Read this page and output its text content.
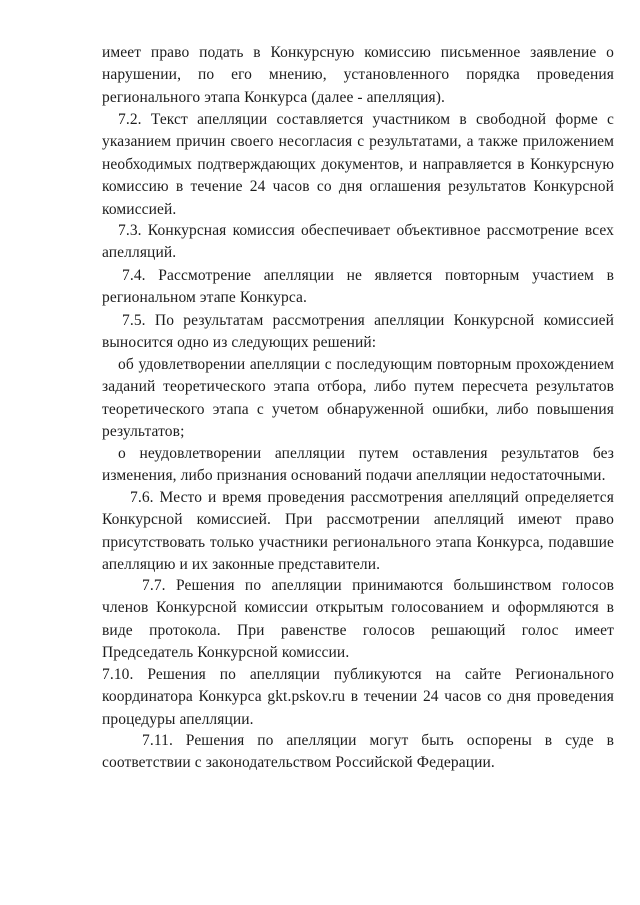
имеет право подать в Конкурсную комиссию письменное заявление о нарушении, по его мнению, установленного порядка проведения регионального этапа Конкурса (далее - апелляция).

7.2. Текст апелляции составляется участником в свободной форме с указанием причин своего несогласия с результатами, а также приложением необходимых подтверждающих документов, и направляется в Конкурсную комиссию в течение 24 часов со дня оглашения результатов Конкурсной комиссией.

7.3. Конкурсная комиссия обеспечивает объективное рассмотрение всех апелляций.

7.4. Рассмотрение апелляции не является повторным участием в региональном этапе Конкурса.

7.5. По результатам рассмотрения апелляции Конкурсной комиссией выносится одно из следующих решений:

об удовлетворении апелляции с последующим повторным прохождением заданий теоретического этапа отбора, либо путем пересчета результатов теоретического этапа с учетом обнаруженной ошибки, либо повышения результатов;

о неудовлетворении апелляции путем оставления результатов без изменения, либо признания оснований подачи апелляции недостаточными.

7.6. Место и время проведения рассмотрения апелляций определяется Конкурсной комиссией. При рассмотрении апелляций имеют право присутствовать только участники регионального этапа Конкурса, подавшие апелляцию и их законные представители.

7.7. Решения по апелляции принимаются большинством голосов членов Конкурсной комиссии открытым голосованием и оформляются в виде протокола. При равенстве голосов решающий голос имеет Председатель Конкурсной комиссии.

7.10. Решения по апелляции публикуются на сайте Регионального координатора Конкурса gkt.pskov.ru в течении 24 часов со дня проведения процедуры апелляции.

7.11. Решения по апелляции могут быть оспорены в суде в соответствии с законодательством Российской Федерации.
